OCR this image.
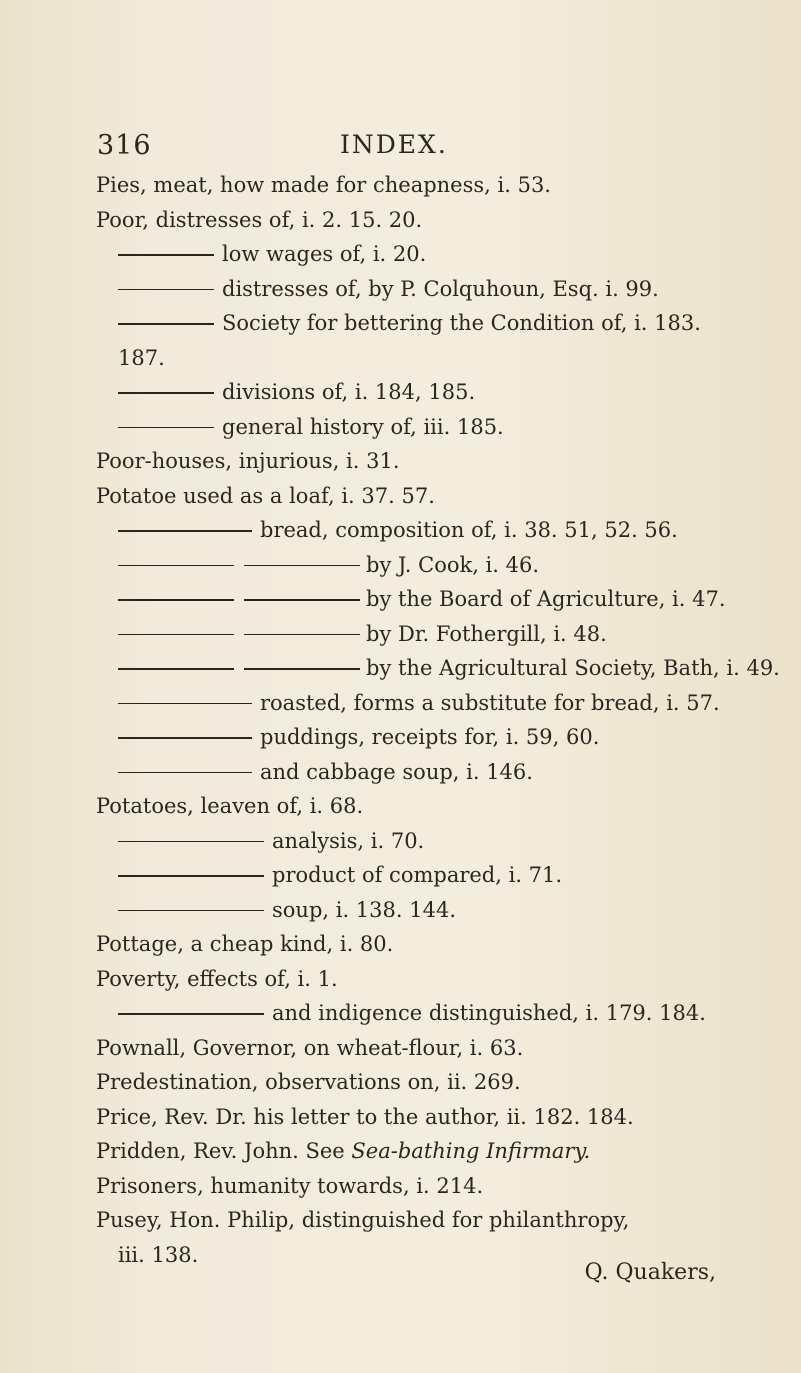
316	INDEX.
Pies, meat, how made for cheapness, i. 53.
Poor, distresses of, i. 2. 15. 20.
low wages of, i. 20.
distresses of, by P. Colquhoun, Esq. i. 99.
Society for bettering the Condition of, i. 183.
187.
divisions of, i. 184, 185.
general history of, iii. 185.
Poor-houses, injurious, i. 31.
Potatoe used as a loaf, i. 37. 57.
bread, composition of, i. 38. 51, 52. 56.
by J. Cook, i. 46.
by the Board of Agriculture, i. 47.
by Dr. Fothergill, i. 48.
by the Agricultural Society, Bath, i. 49.
roasted, forms a substitute for bread, i. 57.
puddings, receipts for, i. 59, 60.
and cabbage soup, i. 146.
Potatoes, leaven of, i. 68.
analysis, i. 70.
product of compared, i. 71.
soup, i. 138. 144.
Pottage, a cheap kind, i. 80.
Poverty, effects of, i. 1.
and indigence distinguished, i. 179. 184.
Pownall, Governor, on wheat-flour, i. 63.
Predestination, observations on, ii. 269.
Price, Rev. Dr. his letter to the author, ii. 182. 184.
Pridden, Rev. John. See Sea-bathing Infirmary.
Prisoners, humanity towards, i. 214.
Pusey, Hon. Philip, distinguished for philanthropy,
iii. 138.
Q. Quakers,
